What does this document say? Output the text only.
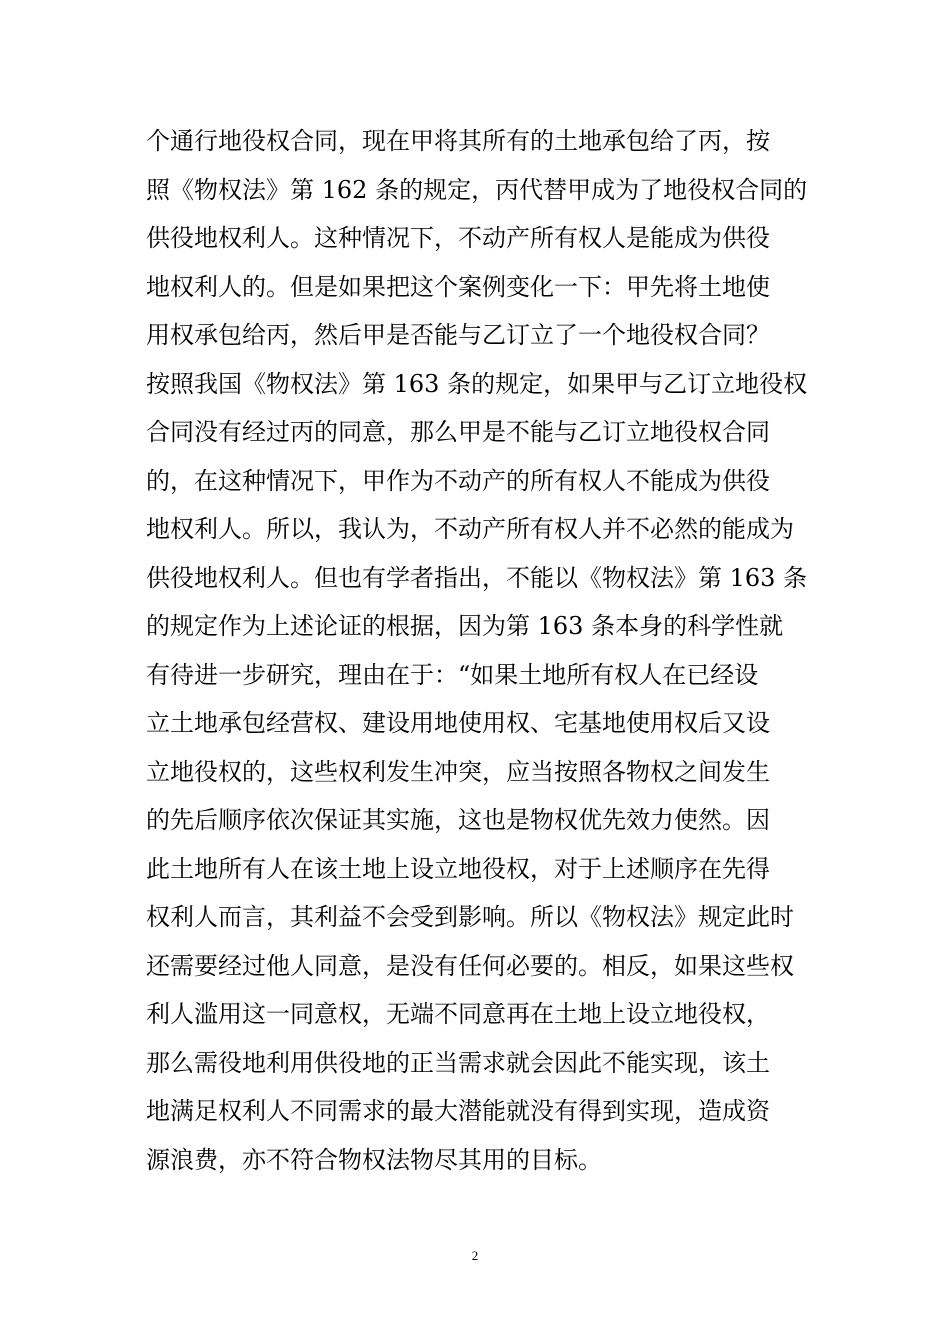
个通行地役权合同，现在甲将其所有的土地承包给了丙，按
照《物权法》第 162 条的规定，丙代替甲成为了地役权合同的
供役地权利人。这种情况下，不动产所有权人是能成为供役
地权利人的。但是如果把这个案例变化一下：甲先将土地使
用权承包给丙，然后甲是否能与乙订立了一个地役权合同？
按照我国《物权法》第 163 条的规定，如果甲与乙订立地役权
合同没有经过丙的同意，那么甲是不能与乙订立地役权合同
的，在这种情况下，甲作为不动产的所有权人不能成为供役
地权利人。所以，我认为，不动产所有权人并不必然的能成为
供役地权利人。但也有学者指出，不能以《物权法》第 163 条
的规定作为上述论证的根据，因为第 163 条本身的科学性就
有待进一步研究，理由在于：“如果土地所有权人在已经设
立土地承包经营权、建设用地使用权、宅基地使用权后又设
立地役权的，这些权利发生冲突，应当按照各物权之间发生
的先后顺序依次保证其实施，这也是物权优先效力使然。因
此土地所有人在该土地上设立地役权，对于上述顺序在先得
权利人而言，其利益不会受到影响。所以《物权法》规定此时
还需要经过他人同意，是没有任何必要的。相反，如果这些权
利人滥用这一同意权，无端不同意再在土地上设立地役权，
那么需役地利用供役地的正当需求就会因此不能实现，该土
地满足权利人不同需求的最大潜能就没有得到实现，造成资
源浪费，亦不符合物权法物尽其用的目标。
2
